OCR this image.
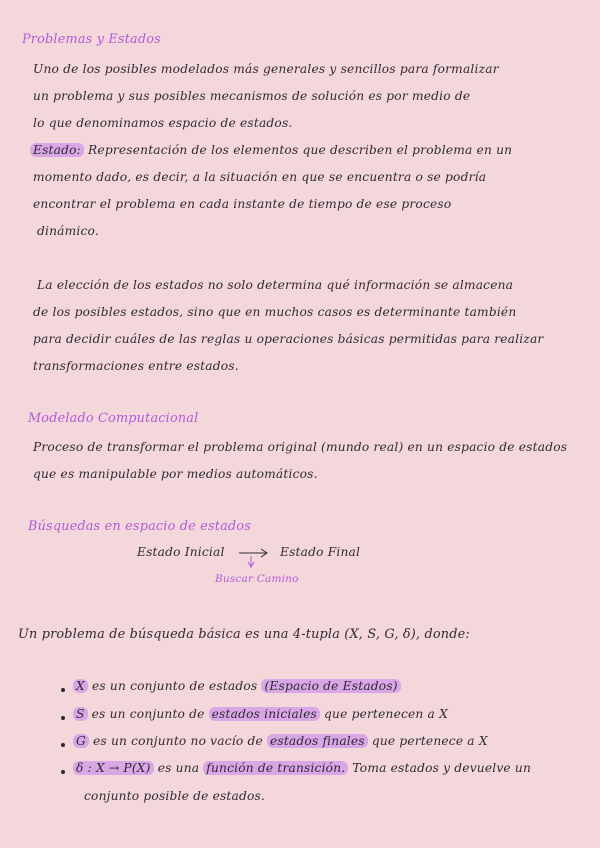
Problemas y Estados
Uno de los posibles modelados más generales y sencillos para formalizar
un problema y sus posibles mecanismos de solución es por medio de
lo que denominamos espacio de estados.
Estado: Representación de los elementos que describen el problema en un
momento dado, es decir, a la situación en que se encuentra o se podría
encontrar el problema en cada instante de tiempo de ese proceso
dinámico.
La elección de los estados no solo determina qué información se almacena
de los posibles estados, sino que en muchos casos es determinante también
para decidir cuáles de las reglas u operaciones básicas permitidas para realizar
transformaciones entre estados.
Modelado Computacional
Proceso de transformar el problema original (mundo real) en un espacio de estados
que es manipulable por medios automáticos.
Búsquedas en espacio de estados
Estado Inicial	Estado Final
Buscar Camino
Un problema de búsqueda básica es una 4-tupla (X, S, G, δ), donde:
X es un conjunto de estados (Espacio de Estados)
S es un conjunto de estados iniciales que pertenecen a X
G es un conjunto no vacío de estados finales que pertenece a X
δ : X → P(X) es una función de transición. Toma estados y devuelve un
conjunto posible de estados.
